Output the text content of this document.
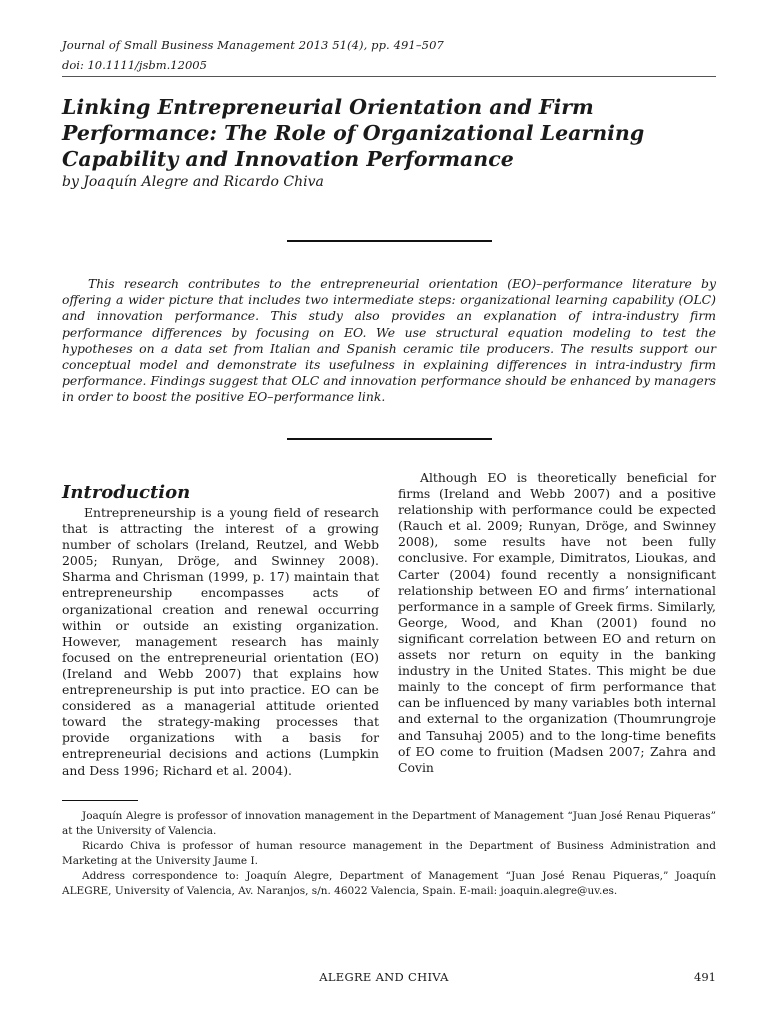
Journal of Small Business Management 2013 51(4), pp. 491–507
doi: 10.1111/jsbm.12005
Linking Entrepreneurial Orientation and Firm Performance: The Role of Organizational Learning Capability and Innovation Performance
by Joaquín Alegre and Ricardo Chiva

This research contributes to the entrepreneurial orientation (EO)–performance literature by offering a wider picture that includes two intermediate steps: organizational learning capability (OLC) and innovation performance. This study also provides an explanation of intra-industry firm performance differences by focusing on EO. We use structural equation modeling to test the hypotheses on a data set from Italian and Spanish ceramic tile producers. The results support our conceptual model and demonstrate its usefulness in explaining differences in intra-industry firm performance. Findings suggest that OLC and innovation performance should be enhanced by managers in order to boost the positive EO–performance link.

Introduction

Entrepreneurship is a young field of research that is attracting the interest of a growing number of scholars (Ireland, Reutzel, and Webb 2005; Runyan, Dröge, and Swinney 2008). Sharma and Chrisman (1999, p. 17) maintain that entrepreneurship encompasses acts of organizational creation and renewal occurring within or outside an existing organization. However, management research has mainly focused on the entrepreneurial orientation (EO) (Ireland and Webb 2007) that explains how entrepreneurship is put into practice. EO can be considered as a managerial attitude oriented toward the strategy-making processes that provide organizations with a basis for entrepreneurial decisions and actions (Lumpkin and Dess 1996; Richard et al. 2004).

Although EO is theoretically beneficial for firms (Ireland and Webb 2007) and a positive relationship with performance could be expected (Rauch et al. 2009; Runyan, Dröge, and Swinney 2008), some results have not been fully conclusive. For example, Dimitratos, Lioukas, and Carter (2004) found recently a nonsignificant relationship between EO and firms’ international performance in a sample of Greek firms. Similarly, George, Wood, and Khan (2001) found no significant correlation between EO and return on assets nor return on equity in the banking industry in the United States. This might be due mainly to the concept of firm performance that can be influenced by many variables both internal and external to the organization (Thoumrungroje and Tansuhaj 2005) and to the long-time benefits of EO come to fruition (Madsen 2007; Zahra and Covin

Joaquín Alegre is professor of innovation management in the Department of Management “Juan José Renau Piqueras” at the University of Valencia.

Ricardo Chiva is professor of human resource management in the Department of Business Administration and Marketing at the University Jaume I.

Address correspondence to: Joaquín Alegre, Department of Management “Juan José Renau Piqueras,” Joaquín ALEGRE, University of Valencia, Av. Naranjos, s/n. 46022 Valencia, Spain. E-mail: joaquin.alegre@uv.es.

ALEGRE AND CHIVA	491
